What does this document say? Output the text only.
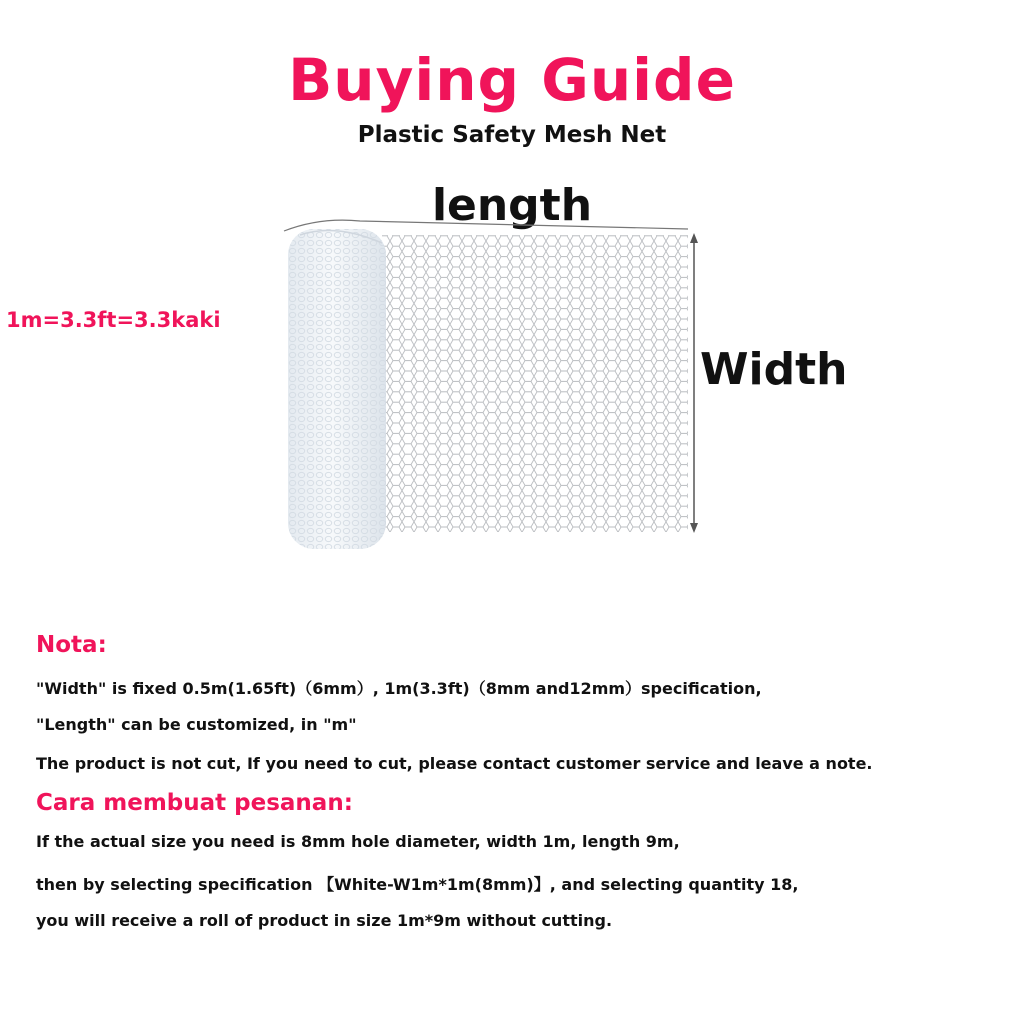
Buying Guide
Plastic Safety Mesh Net
length
Width
1m=3.3ft=3.3kaki
Nota:
"Width" is fixed 0.5m(1.65ft)（6mm）, 1m(3.3ft)（8mm and12mm）specification,
"Length" can be customized, in "m"
The product is not cut, If you need to cut, please contact customer service and leave a note.
Cara membuat pesanan:
If the actual size you need is 8mm hole diameter, width 1m, length 9m,
then by selecting specification 【White-W1m*1m(8mm)】, and selecting quantity 18,
you will receive a roll of product in size 1m*9m without cutting.
